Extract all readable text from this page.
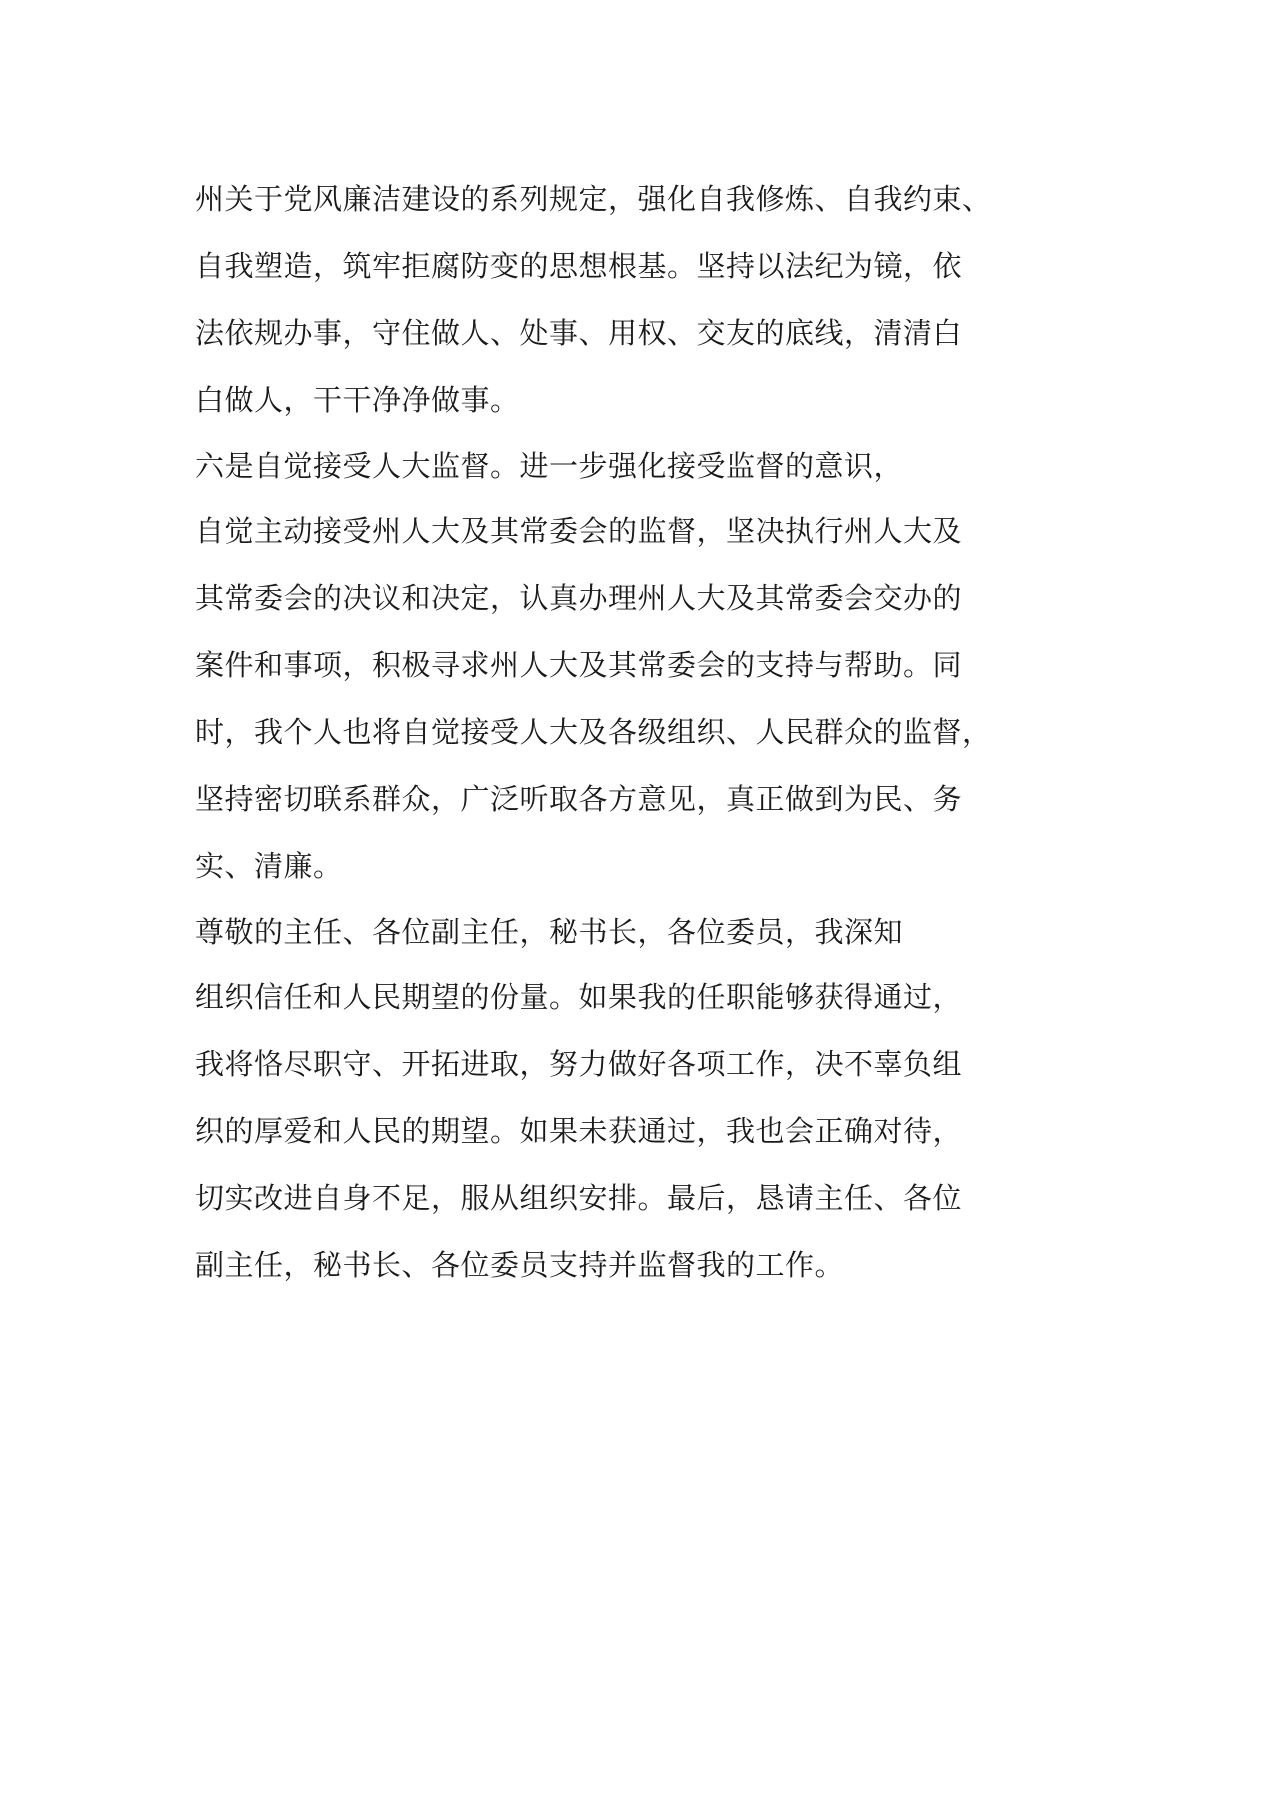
州关于党风廉洁建设的系列规定，强化自我修炼、自我约束、
自我塑造，筑牢拒腐防变的思想根基。坚持以法纪为镜，依
法依规办事，守住做人、处事、用权、交友的底线，清清白
白做人，干干净净做事。
六是自觉接受人大监督。进一步强化接受监督的意识，
自觉主动接受州人大及其常委会的监督，坚决执行州人大及
其常委会的决议和决定，认真办理州人大及其常委会交办的
案件和事项，积极寻求州人大及其常委会的支持与帮助。同
时，我个人也将自觉接受人大及各级组织、人民群众的监督，
坚持密切联系群众，广泛听取各方意见，真正做到为民、务
实、清廉。
尊敬的主任、各位副主任，秘书长，各位委员，我深知
组织信任和人民期望的份量。如果我的任职能够获得通过，
我将恪尽职守、开拓进取，努力做好各项工作，决不辜负组
织的厚爱和人民的期望。如果未获通过，我也会正确对待，
切实改进自身不足，服从组织安排。最后，恳请主任、各位
副主任，秘书长、各位委员支持并监督我的工作。
